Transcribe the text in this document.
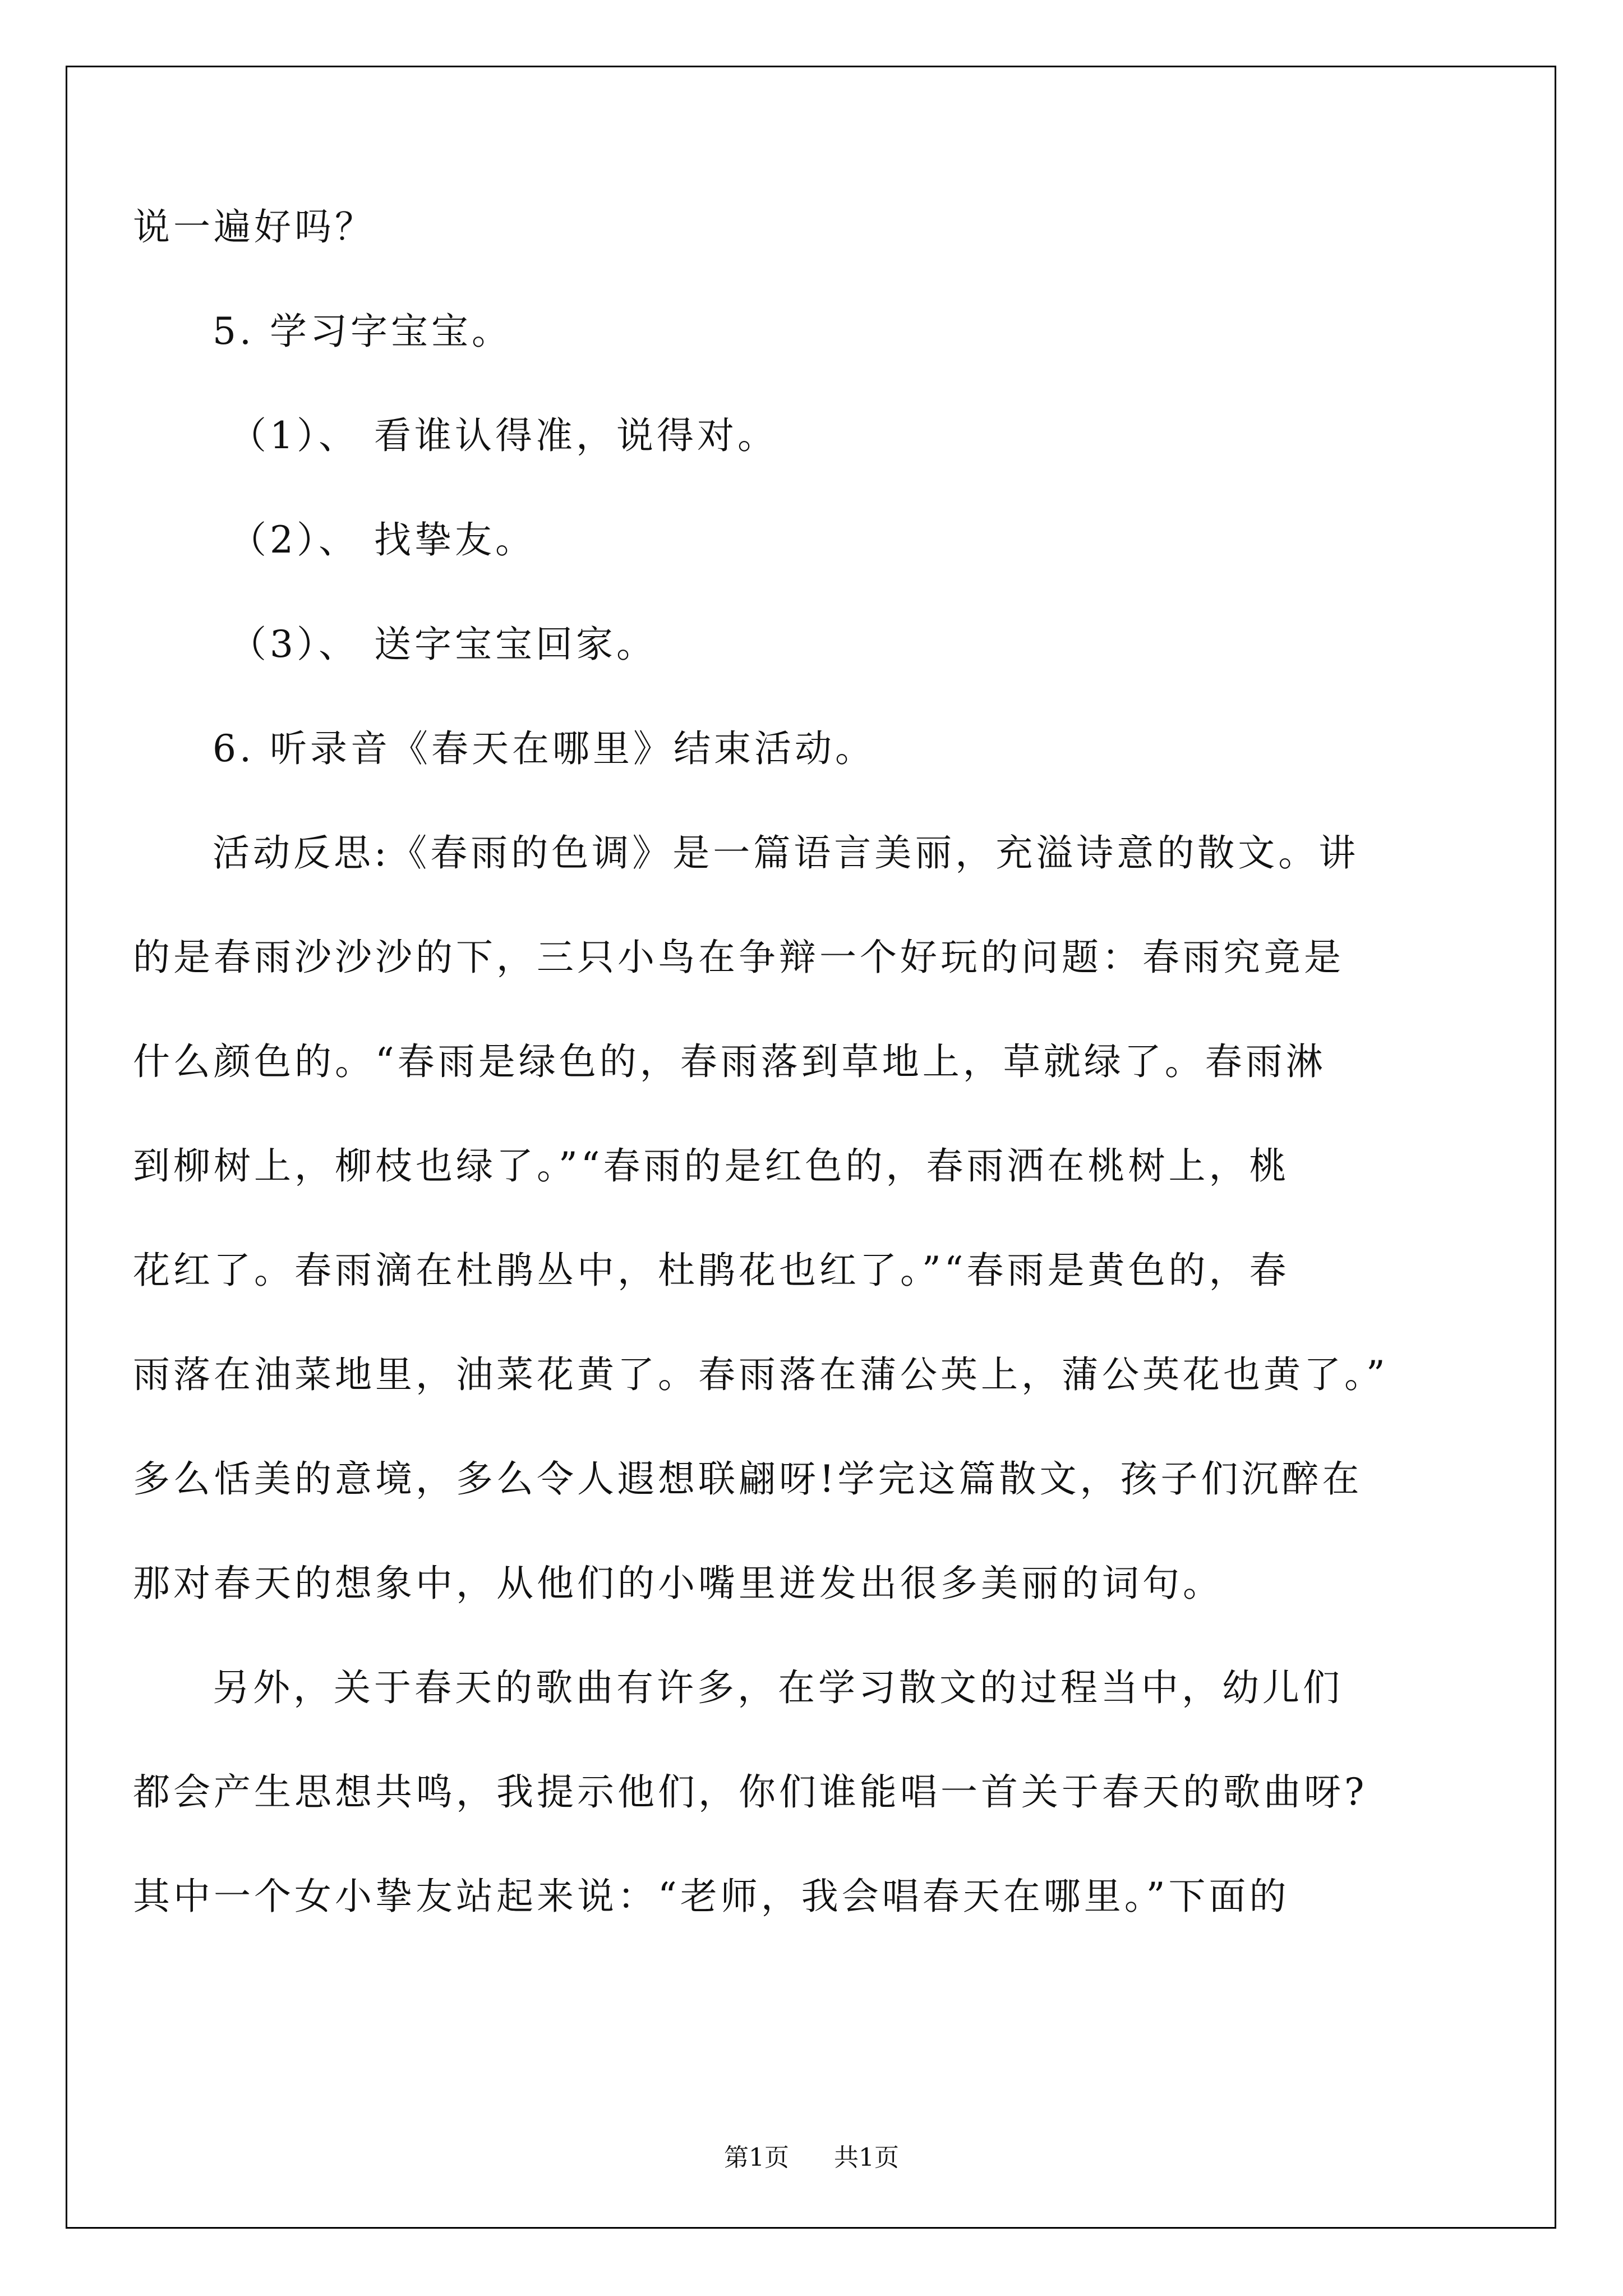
说一遍好吗？
5. 学习字宝宝。
（1）、 看谁认得准，说得对。
（2）、 找挚友。
（3）、 送字宝宝回家。
6. 听录音《春天在哪里》结束活动。
活动反思:《春雨的色调》是一篇语言美丽，充溢诗意的散文。讲
的是春雨沙沙沙的下，三只小鸟在争辩一个好玩的问题：春雨究竟是
什么颜色的。“春雨是绿色的，春雨落到草地上，草就绿了。春雨淋
到柳树上，柳枝也绿了。”“春雨的是红色的，春雨洒在桃树上，桃
花红了。春雨滴在杜鹃丛中，杜鹃花也红了。”“春雨是黄色的，春
雨落在油菜地里，油菜花黄了。春雨落在蒲公英上，蒲公英花也黄了。”
多么恬美的意境，多么令人遐想联翩呀!学完这篇散文，孩子们沉醉在
那对春天的想象中，从他们的小嘴里迸发出很多美丽的词句。
另外，关于春天的歌曲有许多，在学习散文的过程当中，幼儿们
都会产生思想共鸣，我提示他们，你们谁能唱一首关于春天的歌曲呀?
其中一个女小挚友站起来说：“老师，我会唱春天在哪里。”下面的
第1页 共1页
